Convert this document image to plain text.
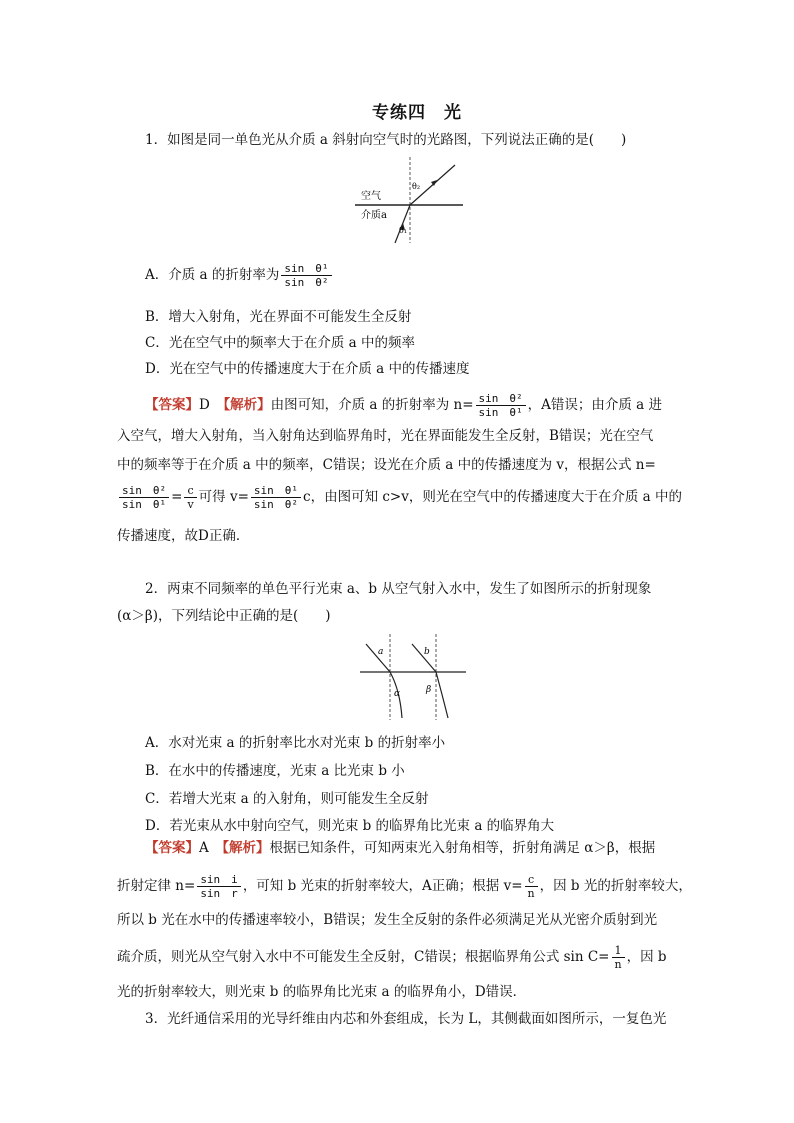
专练四　光
1．如图是同一单色光从介质 a 斜射向空气时的光路图，下列说法正确的是(　　)
θ₂
θ₁
空气
介质a
A．介质 a 的折射率为 $\frac{\text{sin　θ¹}}{\text{sin　θ²}}$
B．增大入射角，光在界面不可能发生全反射
C．光在空气中的频率大于在介质 a 中的频率
D．光在空气中的传播速度大于在介质 a 中的传播速度
【答案】D　 【解析】由图可知，介质 a 的折射率为 $n= \frac{\text{sin　θ²}}{\text{sin　θ¹}}$ ，A错误；由介质 a 进
入空气，增大入射角，当入射角达到临界角时，光在界面能发生全反射，B错误；光在空气
中的频率等于在介质 a 中的频率，C错误；设光在介质 a 中的传播速度为 v，根据公式 n=
$\frac{\text{sin　θ²}}{\text{sin　θ¹}} = \frac{c}{v}$ 可得 $v= \frac{\text{sin　θ¹}}{\text{sin　θ²}}$ c，由图可知 c>v，则光在空气中的传播速度大于在介质 a 中的
传播速度，故D正确．
2．两束不同频率的单色平行光束 a、b 从空气射入水中，发生了如图所示的折射现象
(α＞β)，下列结论中正确的是(　　)
a	b
α	β
A．水对光束 a 的折射率比水对光束 b 的折射率小
B．在水中的传播速度，光束 a 比光束 b 小
C．若增大光束 a 的入射角，则可能发生全反射
D．若光束从水中射向空气，则光束 b 的临界角比光束 a 的临界角大
【答案】A　 【解析】根据已知条件，可知两束光入射角相等，折射角满足 α＞β，根据
折射定律 $n= \frac{\text{sin　i}}{\text{sin　r}}$ ，可知 b 光束的折射率较大，A正确；根据 $v= \frac{c}{n}$ ，因 b 光的折射率较大，
所以 b 光在水中的传播速率较小，B错误；发生全反射的条件必须满足光从光密介质射到光
疏介质，则光从空气射入水中不可能发生全反射，C错误；根据临界角公式 $\sin C= \frac{1}{n}$ ，因 b
光的折射率较大，则光束 b 的临界角比光束 a 的临界角小，D错误．
3．光纤通信采用的光导纤维由内芯和外套组成，长为 L，其侧截面如图所示，一复色光
